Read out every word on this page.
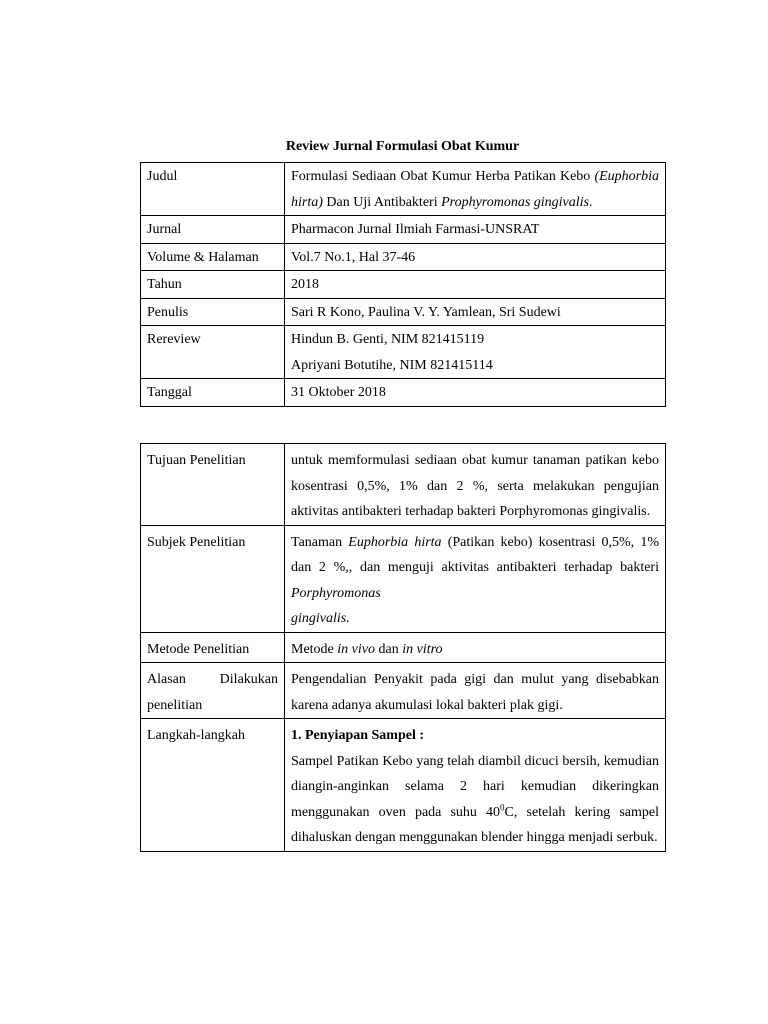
Review Jurnal Formulasi Obat Kumur
Judul	Formulasi Sediaan Obat Kumur Herba Patikan Kebo (Euphorbia hirta) Dan Uji Antibakteri Prophyromonas gingivalis.
Jurnal	Pharmacon Jurnal Ilmiah Farmasi-UNSRAT
Volume & Halaman	Vol.7 No.1, Hal 37-46
Tahun	2018
Penulis	Sari R Kono, Paulina V. Y. Yamlean, Sri Sudewi
Rereview	Hindun B. Genti, NIM 821415119
Apriyani Botutihe, NIM 821415114

Tanggal	31 Oktober 2018
Tujuan Penelitian	untuk memformulasi sediaan obat kumur tanaman patikan kebo kosentrasi 0,5%, 1% dan 2 %, serta melakukan pengujian aktivitas antibakteri terhadap bakteri Porphyromonas gingivalis.
Subjek Penelitian	Tanaman Euphorbia hirta (Patikan kebo) kosentrasi 0,5%, 1% dan 2 %,, dan menguji aktivitas antibakteri terhadap bakteri Porphyromonas
gingivalis.
Metode Penelitian	Metode in vivo dan in vitro

Alasan Dilakukan
penelitian	Pengendalian Penyakit pada gigi dan mulut yang disebabkan karena adanya akumulasi lokal bakteri plak gigi.
Langkah-langkah	1. Penyiapan Sampel :
Sampel Patikan Kebo yang telah diambil dicuci bersih, kemudian diangin-anginkan selama 2 hari kemudian dikeringkan menggunakan oven pada suhu $40^0C$, setelah kering sampel dihaluskan dengan menggunakan blender hingga menjadi serbuk.
